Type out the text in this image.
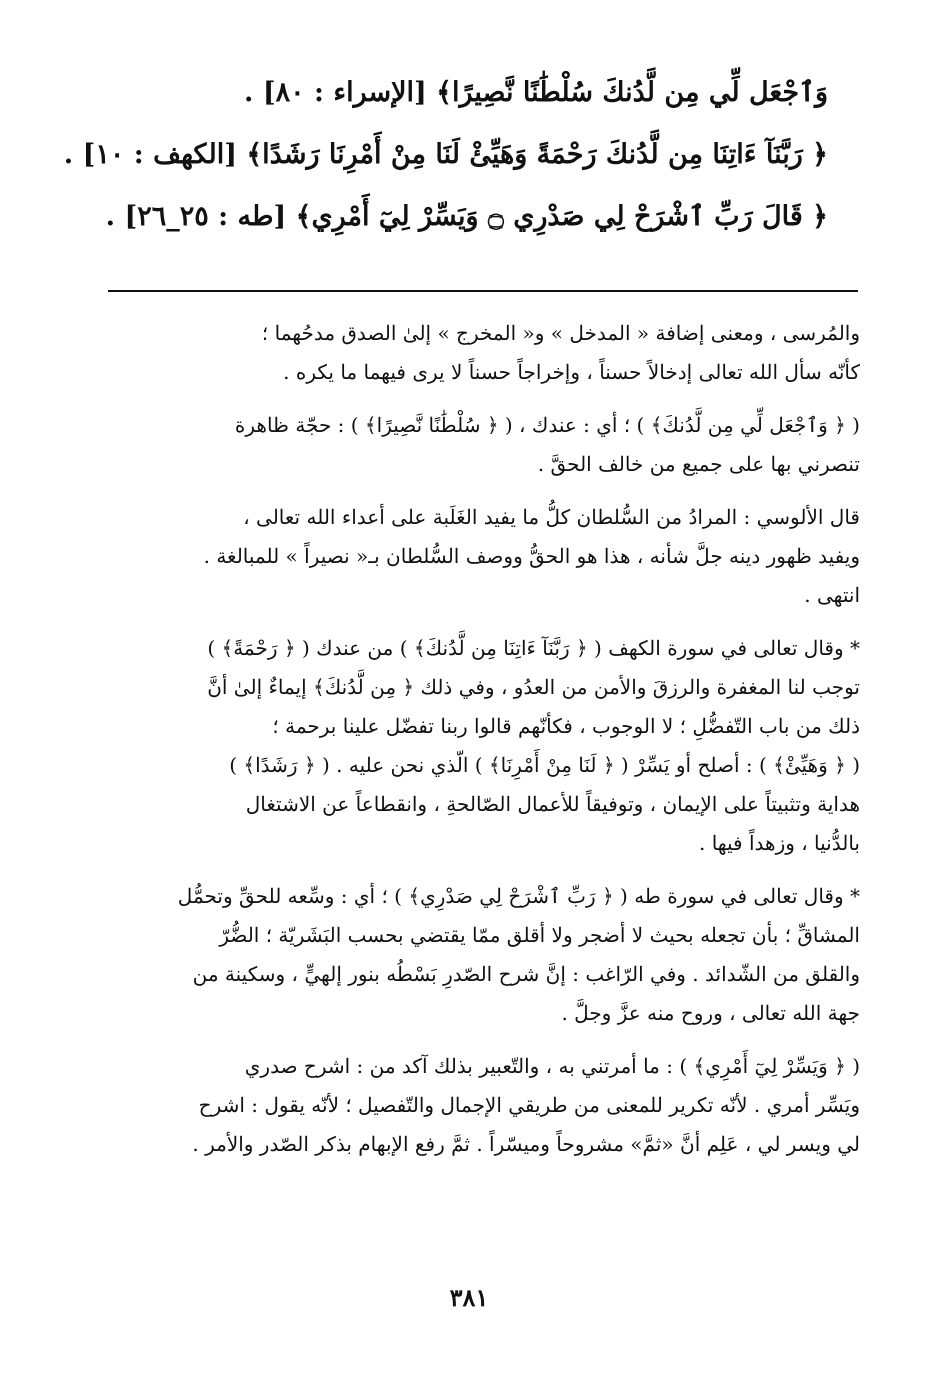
وَٱجْعَل لِّي مِن لَّدُنكَ سُلْطَٰنًا نَّصِيرًا﴾ [الإسراء : ٨٠] .
﴿ رَبَّنَآ ءَاتِنَا مِن لَّدُنكَ رَحْمَةً وَهَيِّئْ لَنَا مِنْ أَمْرِنَا رَشَدًا﴾ [الكهف : ١٠] .
﴿ قَالَ رَبِّ ٱشْرَحْ لِي صَدْرِي ۝ وَيَسِّرْ لِيٓ أَمْرِي﴾ [طه : ٢٥_٢٦] .
والمُرسى ، ومعنى إضافة « المدخل » و« المخرج » إلىٰ الصدق مدحُهما ؛
كأنّه سأل الله تعالى إدخالاً حسناً ، وإخراجاً حسناً لا يرى فيهما ما يكره .
( ﴿ وَٱجْعَل لِّي مِن لَّدُنكَ﴾ ) ؛ أي : عندك ، ( ﴿ سُلْطَٰنًا نَّصِيرًا﴾ ) : حجّة ظاهرة
تنصرني بها على جميع من خالف الحقَّ .
قال الألوسي : المرادُ من السُّلطان كلُّ ما يفيد الغَلَبة على أعداء الله تعالى ،
ويفيد ظهور دينه جلَّ شأنه ، هذا هو الحقُّ ووصف السُّلطان بـ« نصيراً » للمبالغة .
انتهى .
* وقال تعالى في سورة الكهف ( ﴿ رَبَّنَآ ءَاتِنَا مِن لَّدُنكَ﴾ ) من عندك ( ﴿ رَحْمَةً﴾ )
توجب لنا المغفرة والرزقَ والأمن من العدُو ، وفي ذلك ﴿ مِن لَّدُنكَ﴾ إيماءٌ إلىٰ أنَّ
ذلك من باب التّفضُّلِ ؛ لا الوجوب ، فكأنّهم قالوا ربنا تفضّل علينا برحمة ؛
( ﴿ وَهَيِّئْ﴾ ) : أصلح أو يَسِّرْ ( ﴿ لَنَا مِنْ أَمْرِنَا﴾ ) الّذي نحن عليه . ( ﴿ رَشَدًا﴾ )
هداية وتثبيتاً على الإيمان ، وتوفيقاً للأعمال الصّالحةِ ، وانقطاعاً عن الاشتغال
بالدُّنيا ، وزهداً فيها .
* وقال تعالى في سورة طه ( ﴿ رَبِّ ٱشْرَحْ لِي صَدْرِي﴾ ) ؛ أي : وسِّعه للحقِّ وتحمُّل
المشاقِّ ؛ بأن تجعله بحيث لا أضجر ولا أقلق ممّا يقتضي بحسب البَشَريّة ؛ الضُّرّ
والقلق من الشّدائد . وفي الرّاغب : إنَّ شرح الصّدرِ بَسْطُه بنور إلهيٍّ ، وسكينة من
جهة الله تعالى ، وروح منه عزَّ وجلَّ .
( ﴿ وَيَسِّرْ لِيٓ أَمْرِي﴾ ) : ما أمرتني به ، والتّعبير بذلك آكد من : اشرح صدري
ويَسِّر أمري . لأنّه تكرير للمعنى من طريقي الإجمال والتّفصيل ؛ لأنّه يقول : اشرح
لي ويسر لي ، عَلِم أنَّ «ثمَّ» مشروحاً وميسّراً . ثمَّ رفع الإبهام بذكر الصّدر والأمر .
٣٨١
